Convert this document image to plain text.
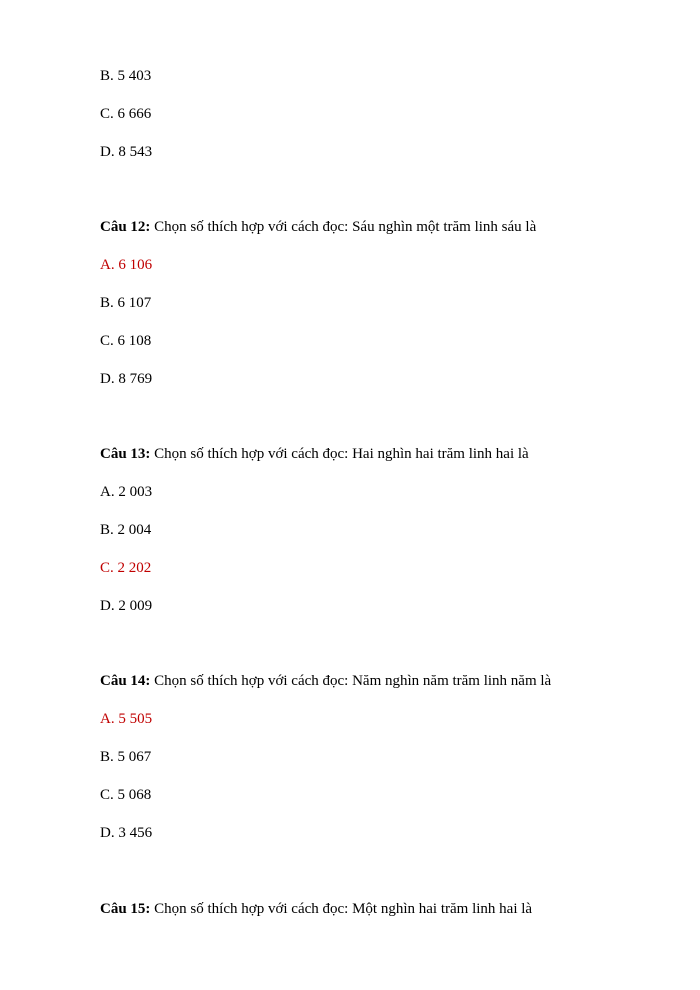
B. 5 403
C. 6 666
D. 8 543
Câu 12: Chọn số thích hợp với cách đọc: Sáu nghìn một trăm linh sáu là
A. 6 106
B. 6 107
C. 6 108
D. 8 769
Câu 13: Chọn số thích hợp với cách đọc: Hai nghìn hai trăm linh hai là
A. 2 003
B. 2 004
C. 2 202
D. 2 009
Câu 14: Chọn số thích hợp với cách đọc: Năm nghìn năm trăm linh năm là
A. 5 505
B. 5 067
C. 5 068
D. 3 456
Câu 15: Chọn số thích hợp với cách đọc: Một nghìn hai trăm linh hai là
